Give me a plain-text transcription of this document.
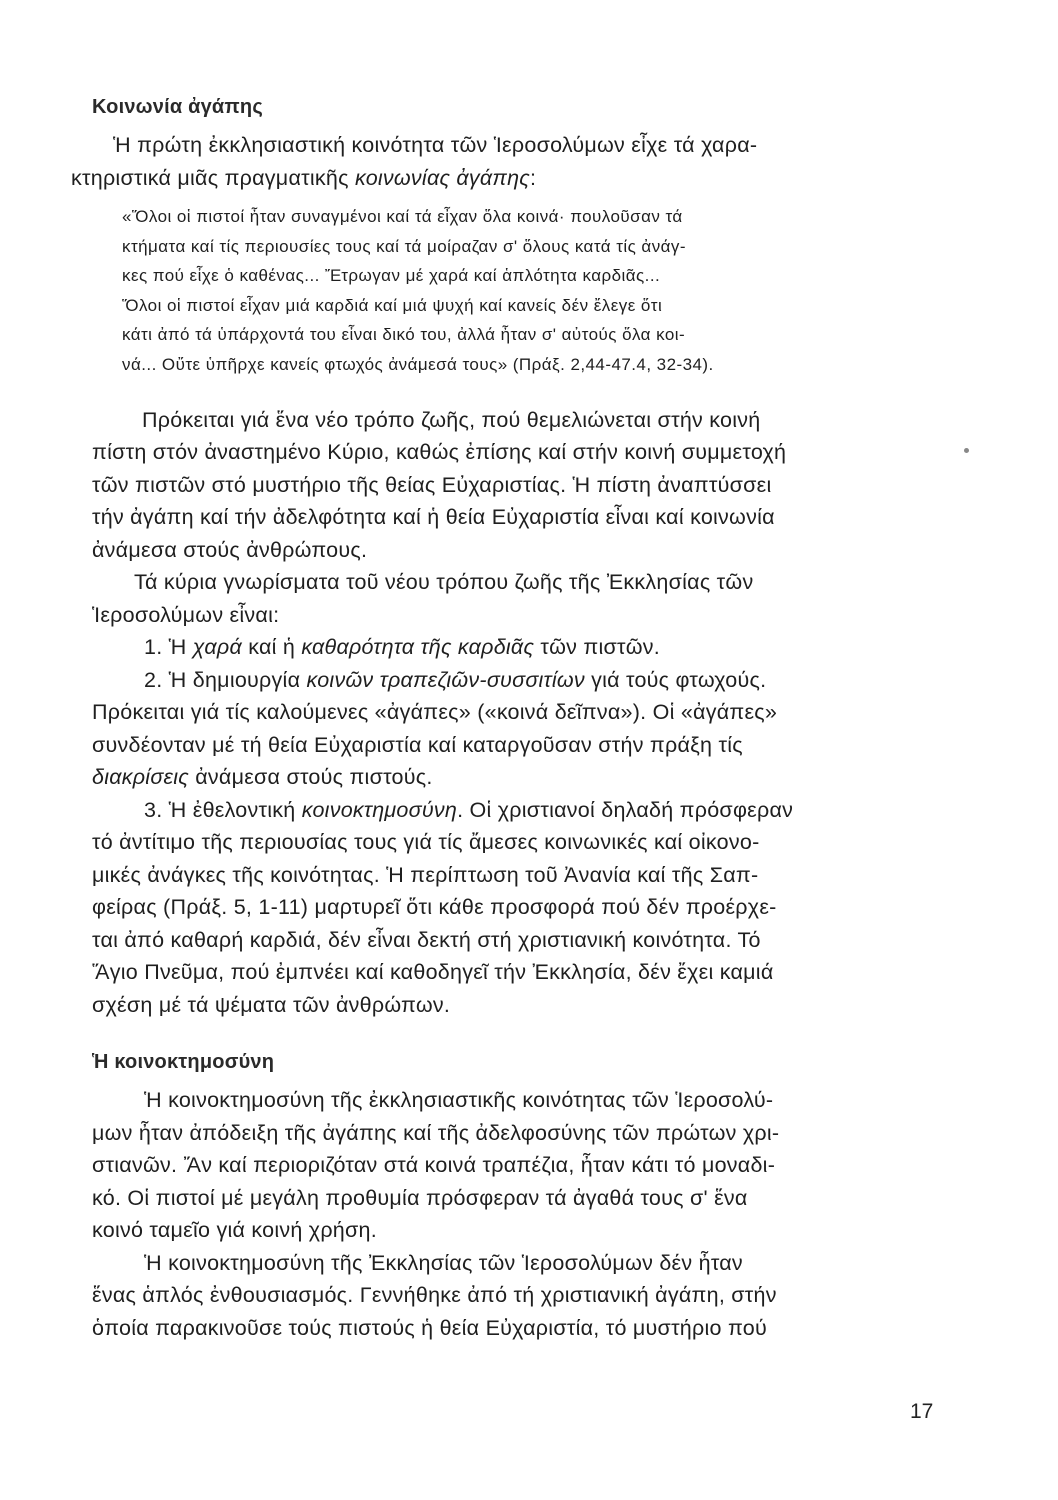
Κοινωνία ἀγάπης

Ἡ πρώτη ἐκκλησιαστική κοινότητα τῶν Ἱεροσολύμων εἶχε τά χαρα-
κτηριστικά μιᾶς πραγματικῆς κοινωνίας ἀγάπης:

«Ὅλοι οἱ πιστοί ἦταν συναγμένοι καί τά εἶχαν ὅλα κοινά· πουλοῦσαν τά
κτήματα καί τίς περιουσίες τους καί τά μοίραζαν σ' ὅλους κατά τίς ἀνάγ-
κες πού εἶχε ὁ καθένας... Ἔτρωγαν μέ χαρά καί ἁπλότητα καρδιᾶς...
Ὅλοι οἱ πιστοί εἶχαν μιά καρδιά καί μιά ψυχή καί κανείς δέν ἔλεγε ὅτι
κάτι ἀπό τά ὑπάρχοντά του εἶναι δικό του, ἀλλά ἦταν σ' αὐτούς ὅλα κοι-
νά... Οὔτε ὑπῆρχε κανείς φτωχός ἀνάμεσά τους» (Πράξ. 2,44-47.4, 32-34).
Πρόκειται γιά ἕνα νέο τρόπο ζωῆς, πού θεμελιώνεται στήν κοινή
πίστη στόν ἀναστημένο Κύριο, καθώς ἐπίσης καί στήν κοινή συμμετοχή
τῶν πιστῶν στό μυστήριο τῆς θείας Εὐχαριστίας. Ἡ πίστη ἀναπτύσσει
τήν ἀγάπη καί τήν ἀδελφότητα καί ἡ θεία Εὐχαριστία εἶναι καί κοινωνία
ἀνάμεσα στούς ἀνθρώπους.
Τά κύρια γνωρίσματα τοῦ νέου τρόπου ζωῆς τῆς Ἐκκλησίας τῶν
Ἱεροσολύμων εἶναι:
1. Ἡ χαρά καί ἡ καθαρότητα τῆς καρδιᾶς τῶν πιστῶν.
2. Ἡ δημιουργία κοινῶν τραπεζιῶν-συσσιτίων γιά τούς φτωχούς.
Πρόκειται γιά τίς καλούμενες «ἀγάπες» («κοινά δεῖπνα»). Οἱ «ἀγάπες»
συνδέονταν μέ τή θεία Εὐχαριστία καί καταργοῦσαν στήν πράξη τίς
διακρίσεις ἀνάμεσα στούς πιστούς.
3. Ἡ ἐθελοντική κοινοκτημοσύνη. Οἱ χριστιανοί δηλαδή πρόσφεραν
τό ἀντίτιμο τῆς περιουσίας τους γιά τίς ἄμεσες κοινωνικές καί οἰκονο-
μικές ἀνάγκες τῆς κοινότητας. Ἡ περίπτωση τοῦ Ἀνανία καί τῆς Σαπ-
φείρας (Πράξ. 5, 1-11) μαρτυρεῖ ὅτι κάθε προσφορά πού δέν προέρχε-
ται ἀπό καθαρή καρδιά, δέν εἶναι δεκτή στή χριστιανική κοινότητα. Τό
Ἅγιο Πνεῦμα, πού ἐμπνέει καί καθοδηγεῖ τήν Ἐκκλησία, δέν ἔχει καμιά
σχέση μέ τά ψέματα τῶν ἀνθρώπων.
Ἡ κοινοκτημοσύνη
Ἡ κοινοκτημοσύνη τῆς ἐκκλησιαστικῆς κοινότητας τῶν Ἱεροσολύ-
μων ἦταν ἀπόδειξη τῆς ἀγάπης καί τῆς ἀδελφοσύνης τῶν πρώτων χρι-
στιανῶν. Ἄν καί περιοριζόταν στά κοινά τραπέζια, ἦταν κάτι τό μοναδι-
κό. Οἱ πιστοί μέ μεγάλη προθυμία πρόσφεραν τά ἀγαθά τους σ' ἕνα
κοινό ταμεῖο γιά κοινή χρήση.
Ἡ κοινοκτημοσύνη τῆς Ἐκκλησίας τῶν Ἱεροσολύμων δέν ἦταν
ἕνας ἁπλός ἐνθουσιασμός. Γεννήθηκε ἀπό τή χριστιανική ἀγάπη, στήν
ὁποία παρακινοῦσε τούς πιστούς ἡ θεία Εὐχαριστία, τό μυστήριο πού
17
